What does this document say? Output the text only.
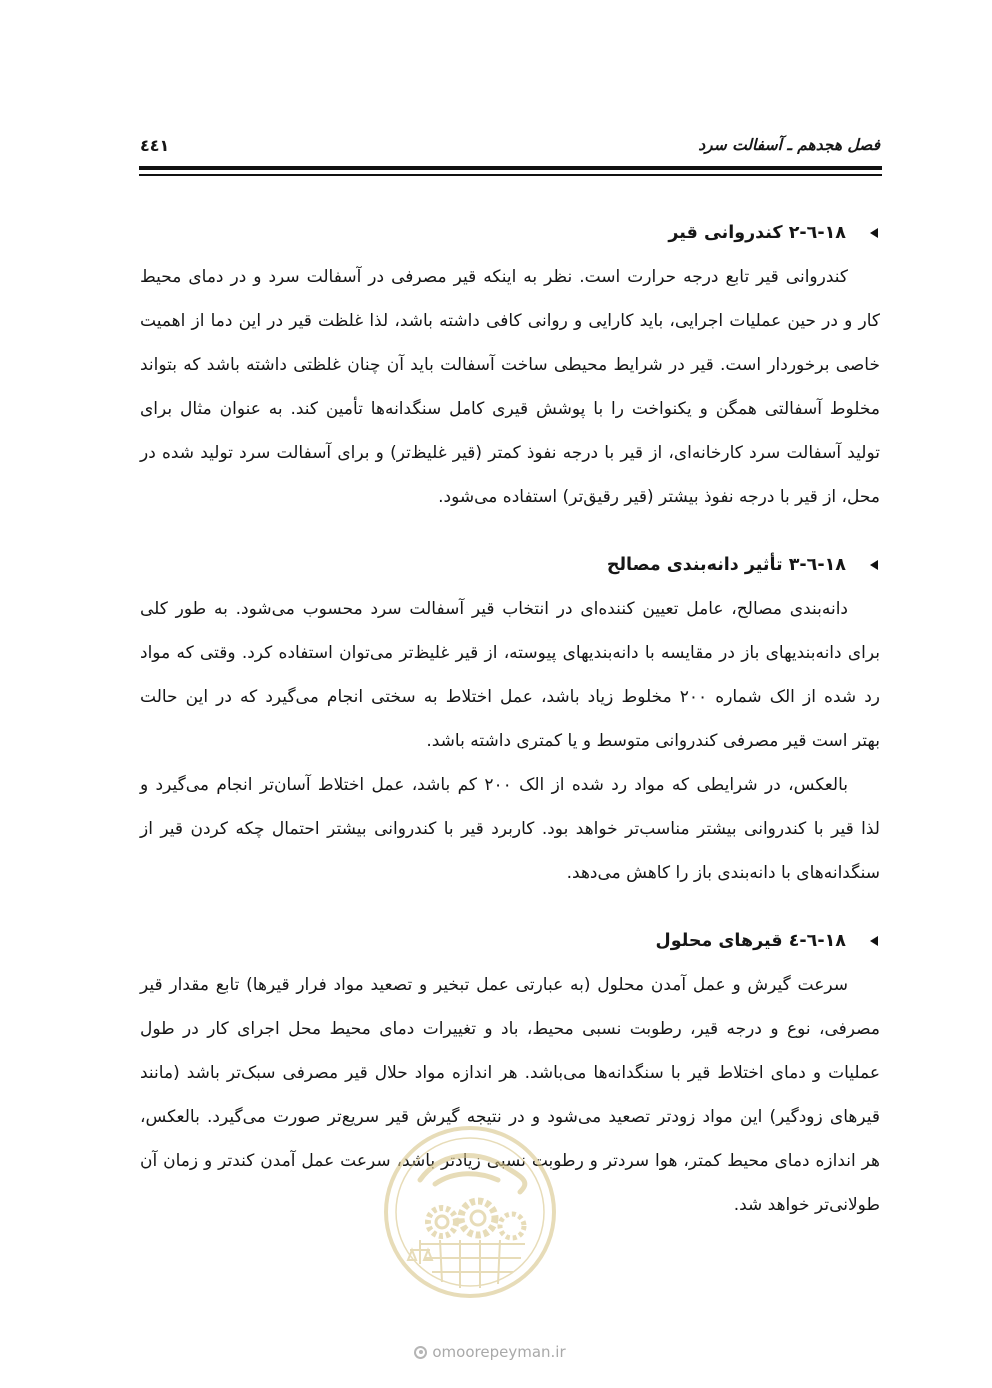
فصل هجدهم ـ آسفالت سرد
٤٤١
١٨-٦-٢ کندروانی قیر
کندروانی قیر تابع درجه حرارت است. نظر به اینکه قیر مصرفی در آسفالت سرد و در دمای محیط
کار و در حین عملیات اجرایی، باید کارایی و روانی کافی داشته باشد، لذا غلظت قیر در این دما از اهمیت
خاصی برخوردار است. قیر در شرایط محیطی ساخت آسفالت باید آن چنان غلظتی داشته باشد که بتواند
مخلوط آسفالتی همگن و یکنواخت را با پوشش قیری کامل سنگدانه‌ها تأمین کند. به عنوان مثال برای
تولید آسفالت سرد کارخانه‌ای، از قیر با درجه نفوذ کمتر (قیر غلیظ‌تر) و برای آسفالت سرد تولید شده در
محل، از قیر با درجه نفوذ بیشتر (قیر رقیق‌تر) استفاده می‌شود.
١٨-٦-٣ تأثیر دانه‌بندی مصالح
دانه‌بندی مصالح، عامل تعیین کننده‌ای در انتخاب قیر آسفالت سرد محسوب می‌شود. به طور کلی
برای دانه‌بندیهای باز در مقایسه با دانه‌بندیهای پیوسته، از قیر غلیظ‌تر می‌توان استفاده کرد. وقتی که مواد
رد شده از الک شماره ٢٠٠ مخلوط زیاد باشد، عمل اختلاط به سختی انجام می‌گیرد که در این حالت
بهتر است قیر مصرفی کندروانی متوسط و یا کمتری داشته باشد.
بالعکس، در شرایطی که مواد رد شده از الک ٢٠٠ کم باشد، عمل اختلاط آسان‌تر انجام می‌گیرد و
لذا قیر با کندروانی بیشتر مناسب‌تر خواهد بود. کاربرد قیر با کندروانی بیشتر احتمال چکه کردن قیر از
سنگدانه‌های با دانه‌بندی باز را کاهش می‌دهد.
١٨-٦-٤ قیرهای محلول
سرعت گیرش و عمل آمدن محلول (به عبارتی عمل تبخیر و تصعید مواد فرار قیرها) تابع مقدار قیر
مصرفی، نوع و درجه قیر، رطوبت نسبی محیط، باد و تغییرات دمای محیط محل اجرای کار در طول
عملیات و دمای اختلاط قیر با سنگدانه‌ها می‌باشد. هر اندازه مواد حلال قیر مصرفی سبک‌تر باشد (مانند
قیرهای زودگیر) این مواد زودتر تصعید می‌شود و در نتیجه گیرش قیر سریع‌تر صورت می‌گیرد. بالعکس،
هر اندازه دمای محیط کمتر، هوا سردتر و رطوبت نسبی زیادتر باشد، سرعت عمل آمدن کندتر و زمان آن
طولانی‌تر خواهد شد.
omoorepeyman.ir
